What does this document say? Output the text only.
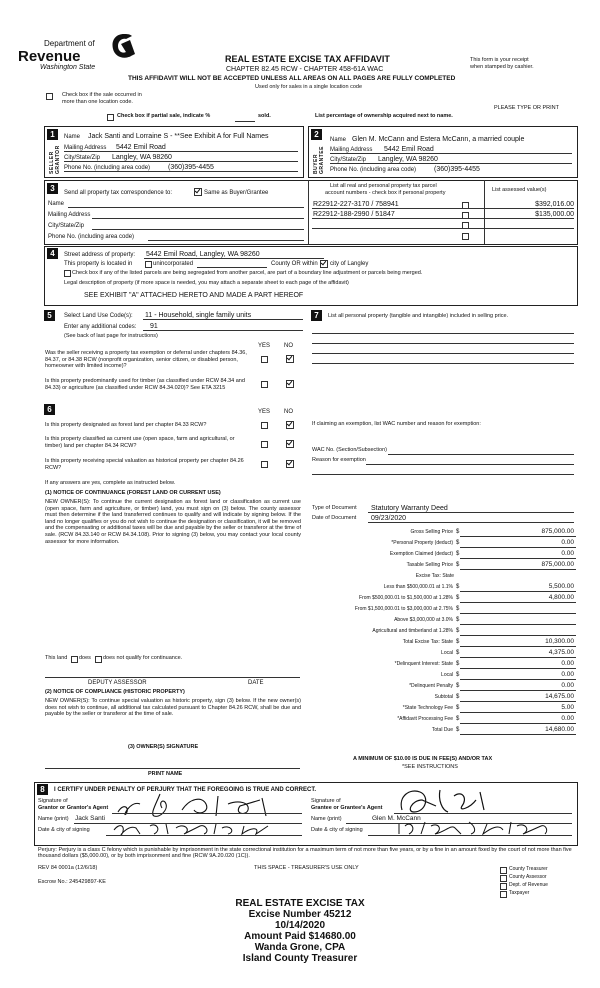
Department of
Revenue
Washington State
REAL ESTATE EXCISE TAX AFFIDAVIT
CHAPTER 82.45 RCW - CHAPTER 458-61A WAC
This form is your receipt
when stamped by cashier.
THIS AFFIDAVIT WILL NOT BE ACCEPTED UNLESS ALL AREAS ON ALL PAGES ARE FULLY COMPLETED
Used only for sales in a single location code
Check box if the sale occurred in
more than one location code.
PLEASE TYPE OR PRINT
Check box if partial sale, indicate %	sold.	List percentage of ownership acquired next to name.
1
SELLER GRANTOR
Name Jack Santi and Lorraine S - **See Exhibit A for Full Names
Mailing Address 5442 Emil Road
City/State/Zip Langley, WA 98260
Phone No. (including area code)	(360)395-4455
2
BUYER GRANTEE
Name Glen M. McCann and Estera McCann, a married couple
Mailing Address 5442 Emil Road
City/State/Zip Langley, WA 98260
Phone No. (including area code)	(360)395-4455
3	Send all property tax correspondence to:	Same as Buyer/Grantee
Name
Mailing Address
City/State/Zip
Phone No. (including area code)
List all real and personal property tax parcel
account numbers - check box if personal property	List assessed value(s)
R22912-227-3170 / 758941	$392,016.00
R22912-188-2990 / 51847	$135,000.00
4	Street address of property: 5442 Emil Road, Langley, WA 98260
This property is located in	unincorporated	County OR within city of Langley
Check box if any of the listed parcels are being segregated from another parcel, are part of a boundary line adjustment or parcels being merged.
Legal description of property (if more space is needed, you may attach a separate sheet to each page of the affidavit)
SEE EXHIBIT "A" ATTACHED HERETO AND MADE A PART HEREOF
5	Select Land Use Code(s): 11 - Household, single family units
Enter any additional codes: 91
(See back of last page for instructions)
YES NO
Was the seller receiving a property tax exemption or deferral under chapters 84.36, 84.37, or 84.38 RCW (nonprofit organization, senior citizen, or disabled person, homeowner with limited income)?
Is this property predominantly used for timber (as classified under RCW 84.34 and 84.33) or agriculture (as classified under RCW 84.34.020)? See ETA 3215
6	YES NO
Is this property designated as forest land per chapter 84.33 RCW?
Is this property classified as current use (open space, farm and agricultural, or timber) land per chapter 84.34 RCW?
Is this property receiving special valuation as historical property per chapter 84.26 RCW?
If any answers are yes, complete as instructed below.
(1) NOTICE OF CONTINUANCE (FOREST LAND OR CURRENT USE)
NEW OWNER(S): To continue the current designation as forest land or classification as current use (open space, farm and agriculture, or timber) land, you must sign on (3) below. The county assessor must then determine if the land transferred continues to qualify and will indicate by signing below. If the land no longer qualifies or you do not wish to continue the designation or classification, it will be removed and the compensating or additional taxes will be due and payable by the seller or transferor at the time of sale. (RCW 84.33.140 or RCW 84.34.108). Prior to signing (3) below, you may contact your local county assessor for more information.
This land does does not qualify for continuance.
DEPUTY ASSESSOR	DATE
(2) NOTICE OF COMPLIANCE (HISTORIC PROPERTY)
NEW OWNER(S): To continue special valuation as historic property, sign (3) below. If the new owner(s) does not wish to continue, all additional tax calculated pursuant to Chapter 84.26 RCW, shall be due and payable by the seller or transferor at the time of sale.
(3) OWNER(S) SIGNATURE
PRINT NAME
7	List all personal property (tangible and intangible) included in selling price.
If claiming an exemption, list WAC number and reason for exemption:
WAC No. (Section/Subsection)
Reason for exemption
Type of Document Statutory Warranty Deed
Date of Document 09/23/2020
Gross Selling Price $	875,000.00
*Personal Property (deduct) $	0.00
Exemption Claimed (deduct) $	0.00
Taxable Selling Price $	875,000.00
Excise Tax: State
Less than $500,000.01 at 1.1% $	5,500.00
From $500,000.01 to $1,500,000 at 1.28% $	4,800.00
From $1,500,000.01 to $3,000,000 at 2.75% $
Above $3,000,000 at 3.0% $
Agricultural and timberland at 1.28% $
Total Excise Tax: State $	10,300.00
Local $	4,375.00
*Delinquent Interest: State $	0.00
Local $	0.00
*Delinquent Penalty $	0.00
Subtotal $	14,675.00
*State Technology Fee $	5.00
*Affidavit Processing Fee $	0.00
Total Due $	14,680.00
A MINIMUM OF $10.00 IS DUE IN FEE(S) AND/OR TAX
*SEE INSTRUCTIONS
8	I CERTIFY UNDER PENALTY OF PERJURY THAT THE FOREGOING IS TRUE AND CORRECT.
Signature of
Grantor or Grantor's Agent
Name (print) Jack Santi
Date & city of signing
Signature of
Grantee or Grantee's Agent
Name (print)	Glen M. McCann
Date & city of signing
Perjury: Perjury is a class C felony which is punishable by imprisonment in the state correctional institution for a maximum term of not more than five years, or by a fine in an amount fixed by the court of not more than five thousand dollars ($5,000.00), or by both imprisonment and fine (RCW 9A.20.020 (1C)).
REV 84 0001a (12/6/18)	THIS SPACE - TREASURER'S USE ONLY
Escrow No.: 245429897-KE
County Treasurer
County Assessor
Dept. of Revenue
Taxpayer
REAL ESTATE EXCISE TAX
Excise Number 45212
10/14/2020
Amount Paid $14680.00
Wanda Grone, CPA
Island County Treasurer
